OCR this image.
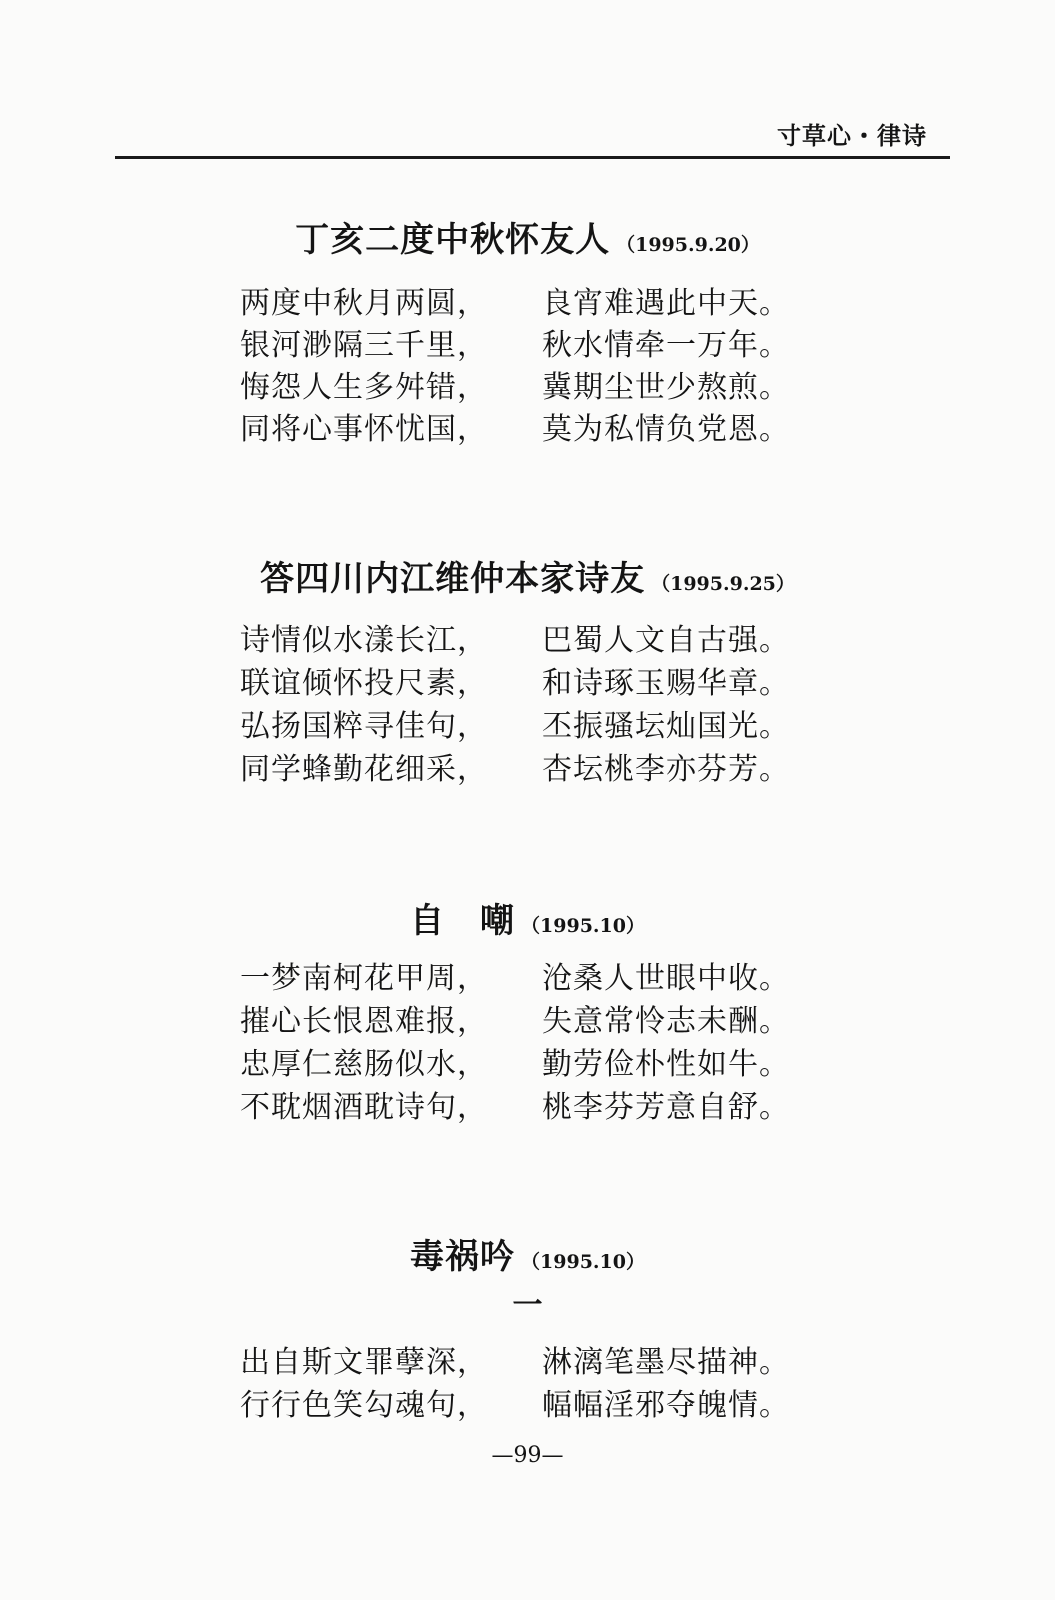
寸草心・律诗
丁亥二度中秋怀友人 （1995.9.20）
两度中秋月两圆， 良宵难遇此中天。
银河渺隔三千里， 秋水情牵一万年。
悔怨人生多舛错， 冀期尘世少熬煎。
同将心事怀忧国， 莫为私情负党恩。
答四川内江维仲本家诗友 （1995.9.25）
诗情似水漾长江， 巴蜀人文自古强。
联谊倾怀投尺素， 和诗琢玉赐华章。
弘扬国粹寻佳句， 丕振骚坛灿国光。
同学蜂勤花细采， 杏坛桃李亦芬芳。
自　嘲 （1995.10）
一梦南柯花甲周， 沧桑人世眼中收。
摧心长恨恩难报， 失意常怜志未酬。
忠厚仁慈肠似水， 勤劳俭朴性如牛。
不耽烟酒耽诗句， 桃李芬芳意自舒。
毒祸吟 （1995.10）
一
出自斯文罪孽深， 淋漓笔墨尽描神。
行行色笑勾魂句， 幅幅淫邪夺魄情。
—99—
